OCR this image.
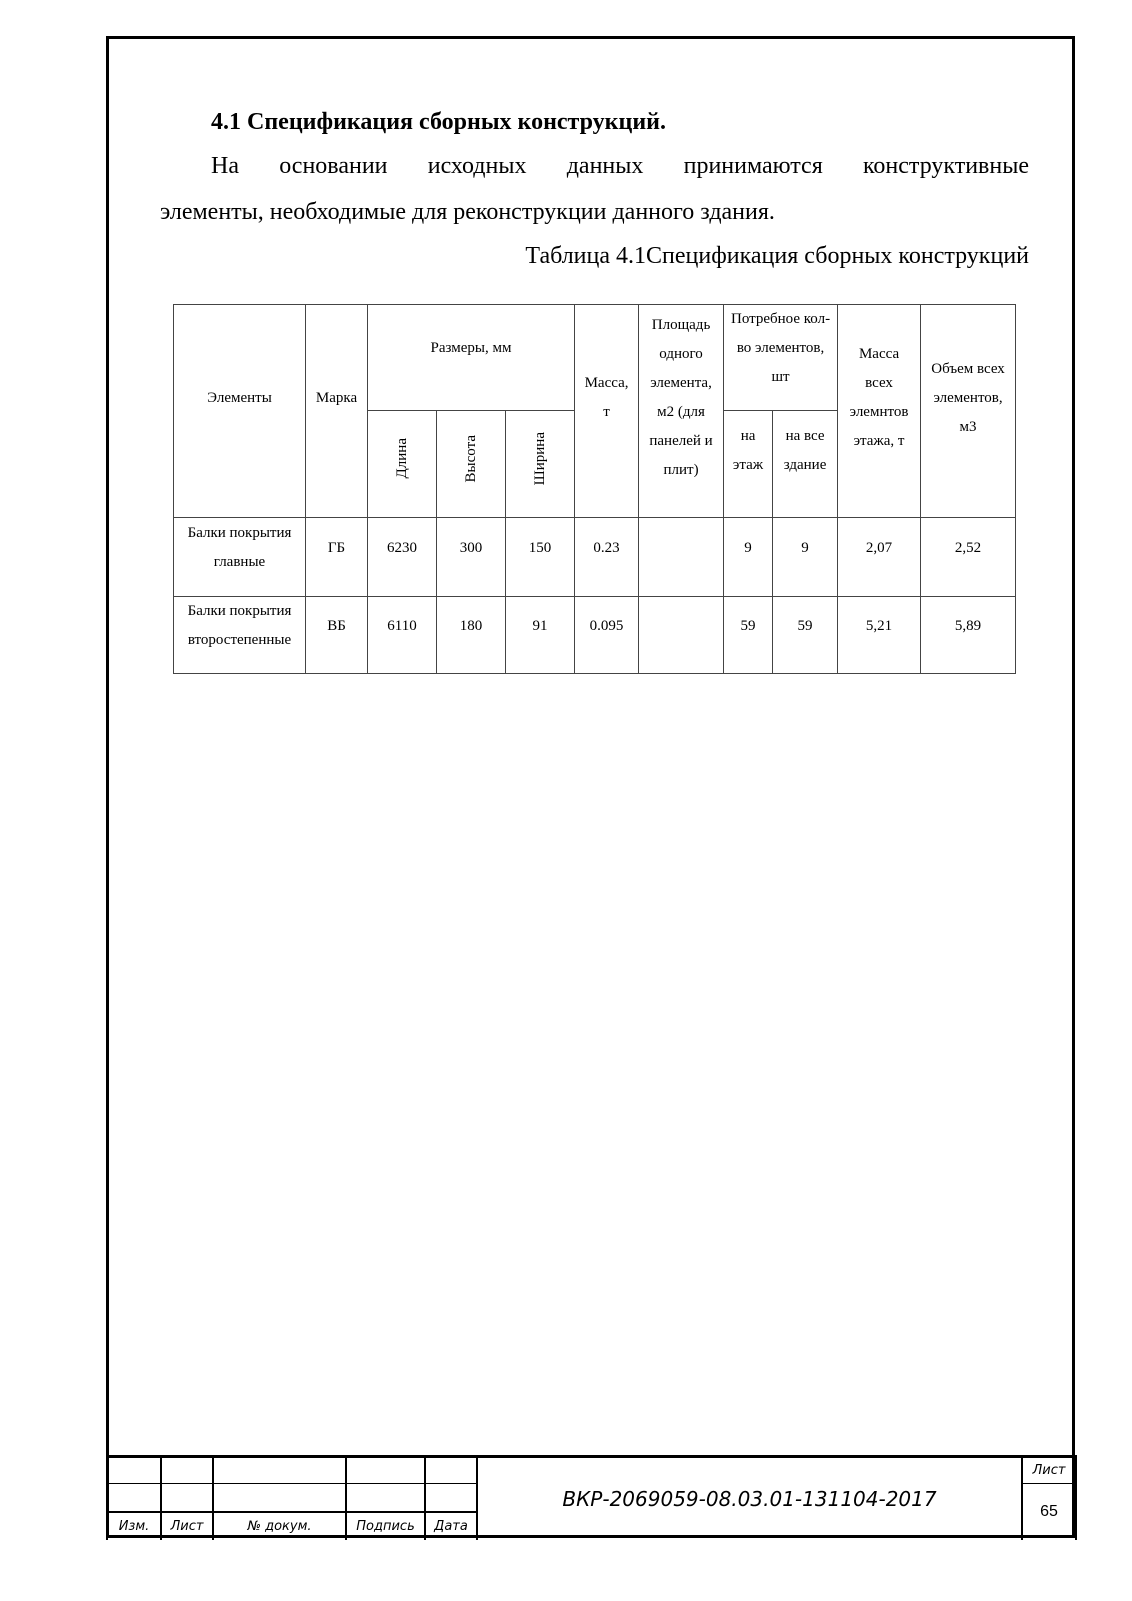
4.1 Спецификация сборных конструкций.
На основании исходных данных принимаются конструктивные
элементы, необходимые для реконструкции данного здания.
Таблица 4.1Спецификация сборных конструкций
Элементы	Марка	Размеры, мм			Масса, т	Площадь одного элемента, м2 (для панелей и плит)	Потребное кол-во элементов, шт		Масса всех элемнтов этажа, т	Объем всех элементов, м3
		Длина	Высота	Ширина			на этаж	на все здание		
Балки покрытия главные	ГБ	6230	300	150	0.23		9	9	2,07	2,52
Балки покрытия второстепенные	ВБ	6110	180	91	0.095		59	59	5,21	5,89
					ВКР-2069059-08.03.01-131104-2017	Лист
						65
Изм.	Лист	№ докум.	Подпись	Дата		
